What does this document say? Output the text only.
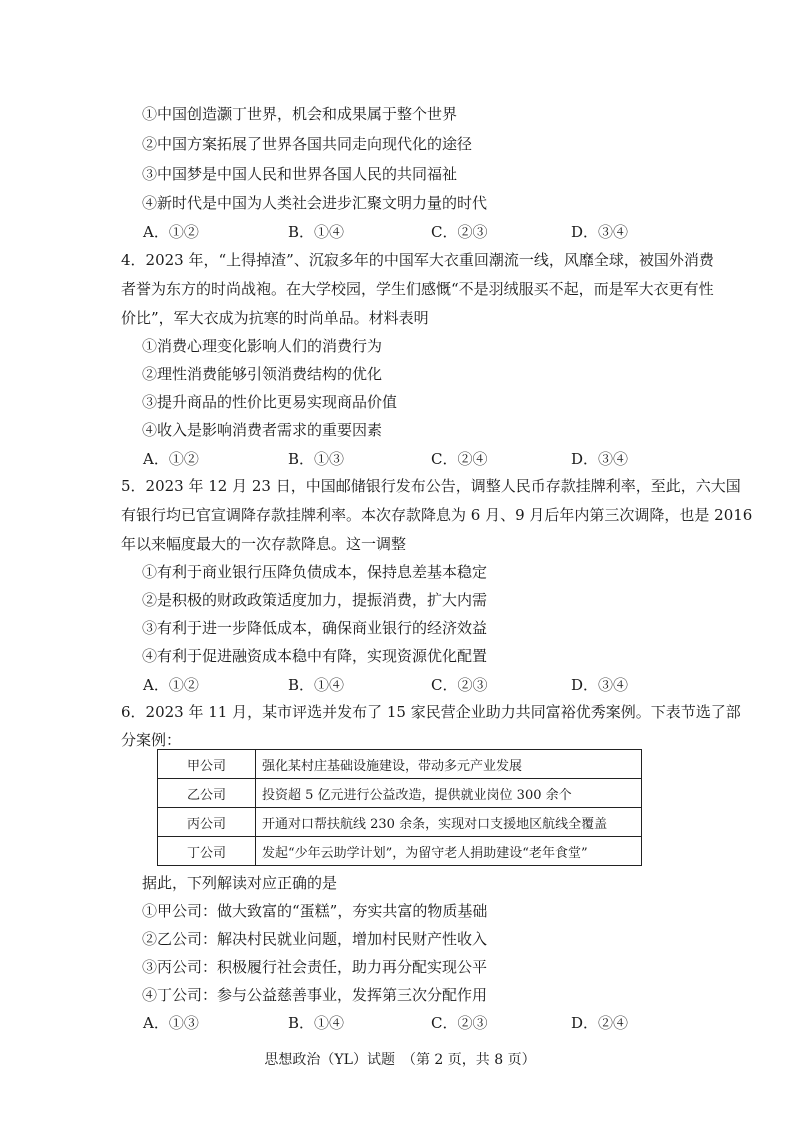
①中国创造灏丁世界，机会和成果属于整个世界
②中国方案拓展了世界各国共同走向现代化的途径
③中国梦是中国人民和世界各国人民的共同福祉
④新时代是中国为人类社会进步汇聚文明力量的时代
A．①②	B．①④	C．②③	D．③④
4．2023 年，“上得掉渣”、沉寂多年的中国军大衣重回潮流一线，风靡全球，被国外消费
者誉为东方的时尚战袍。在大学校园，学生们感慨“不是羽绒服买不起，而是军大衣更有性
价比”，军大衣成为抗寒的时尚单品。材料表明
①消费心理变化影响人们的消费行为
②理性消费能够引领消费结构的优化
③提升商品的性价比更易实现商品价值
④收入是影响消费者需求的重要因素
A．①②	B．①③	C．②④	D．③④
5．2023 年 12 月 23 日，中国邮储银行发布公告，调整人民币存款挂牌利率，至此，六大国
有银行均已官宣调降存款挂牌利率。本次存款降息为 6 月、9 月后年内第三次调降，也是 2016
年以来幅度最大的一次存款降息。这一调整
①有利于商业银行压降负债成本，保持息差基本稳定
②是积极的财政政策适度加力，提振消费，扩大内需
③有利于进一步降低成本，确保商业银行的经济效益
④有利于促进融资成本稳中有降，实现资源优化配置
A．①②	B．①④	C．②③	D．③④
6．2023 年 11 月，某市评选并发布了 15 家民营企业助力共同富裕优秀案例。下表节选了部
分案例：
甲公司	强化某村庄基础设施建设，带动多元产业发展
乙公司	投资超 5 亿元进行公益改造，提供就业岗位 300 余个
丙公司	开通对口帮扶航线 230 余条，实现对口支援地区航线全覆盖
丁公司	发起“少年云助学计划”，为留守老人捐助建设“老年食堂”
据此，下列解读对应正确的是
①甲公司：做大致富的“蛋糕”，夯实共富的物质基础
②乙公司：解决村民就业问题，增加村民财产性收入
③丙公司：积极履行社会责任，助力再分配实现公平
④丁公司：参与公益慈善事业，发挥第三次分配作用
A．①③	B．①④	C．②③	D．②④
思想政治（YL）试题　（第 2 页，共 8 页）
